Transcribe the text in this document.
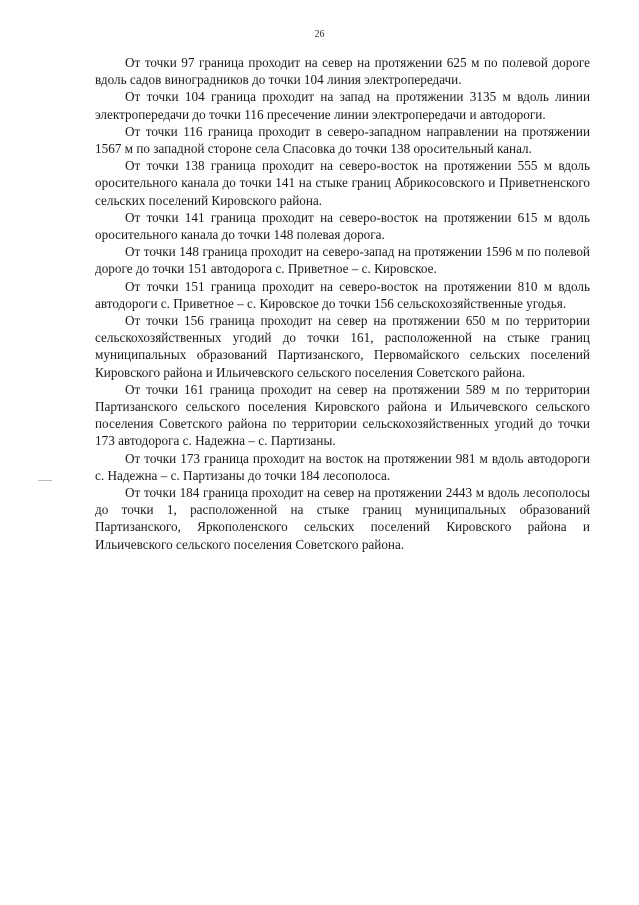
26

От точки 97 граница проходит на север на протяжении 625 м по полевой дороге вдоль садов виноградников до точки 104 линия электропередачи.

От точки 104 граница проходит на запад на протяжении 3135 м вдоль линии электропередачи до точки 116 пресечение линии электропередачи и автодороги.

От точки 116 граница проходит в северо-западном направлении на протяжении 1567 м по западной стороне села Спасовка до точки 138 оросительный канал.

От точки 138 граница проходит на северо-восток на протяжении 555 м вдоль оросительного канала до точки 141 на стыке границ Абрикосовского и Приветненского сельских поселений Кировского района.

От точки 141 граница проходит на северо-восток на протяжении 615 м вдоль оросительного канала до точки 148 полевая дорога.

От точки 148 граница проходит на северо-запад на протяжении 1596 м по полевой дороге до точки 151 автодорога с. Приветное – с. Кировское.

От точки 151 граница проходит на северо-восток на протяжении 810 м вдоль автодороги с. Приветное – с. Кировское до точки 156 сельскохозяйственные угодья.

От точки 156 граница проходит на север на протяжении 650 м по территории сельскохозяйственных угодий до точки 161, расположенной на стыке границ муниципальных образований Партизанского, Первомайского сельских поселений Кировского района и Ильичевского сельского поселения Советского района.

От точки 161 граница проходит на север на протяжении 589 м по территории Партизанского сельского поселения Кировского района и Ильичевского сельского поселения Советского района по территории сельскохозяйственных угодий до точки 173 автодорога с. Надежна – с. Партизаны.

От точки 173 граница проходит на восток на протяжении 981 м вдоль автодороги с. Надежна – с. Партизаны до точки 184 лесополоса.

От точки 184 граница проходит на север на протяжении 2443 м вдоль лесополосы до точки 1, расположенной на стыке границ муниципальных образований Партизанского, Яркополенского сельских поселений Кировского района и Ильичевского сельского поселения Советского района.
